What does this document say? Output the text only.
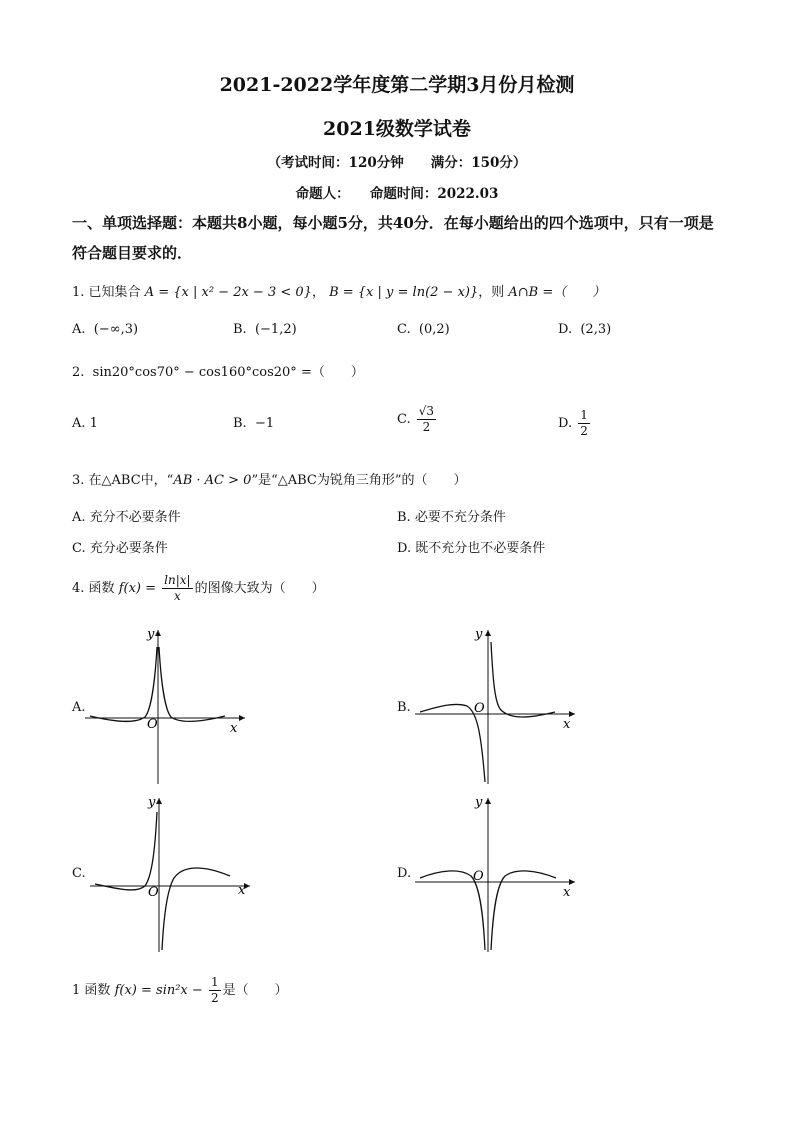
2021-2022学年度第二学期3月份月检测
2021级数学试卷
（考试时间：120分钟　　满分：150分）
命题人：　　命题时间：2022.03
一、单项选择题：本题共8小题，每小题5分，共40分．在每小题给出的四个选项中，只有一项是符合题目要求的．
1. 已知集合 A = {x | x² − 2x − 3 < 0}， B = {x | y = ln(2 − x)}，则 A∩B =（　　）
A. (−∞,3)	B. (−1,2)	C. (0,2)	D. (2,3)
2. sin20°cos70° − cos160°cos20° =（　　）
A. 1	B. −1	C. $\frac{√3}{2}$	D. $\frac{1}{2}$
3. 在△ABC中，“AB · AC > 0”是“△ABC为锐角三角形”的（　　）
A. 充分不必要条件	B. 必要不充分条件
C. 充分必要条件	D. 既不充分也不必要条件
4. 函数 $f(x) = \frac{\ln|x|}{x}$ 的图像大致为（　　）
A.
x
y
O
B.
x
y
O
C.
x
y
O
D.
x
y
O
1 函数 $f(x) = \sin^2x - \frac{1}{2}$ 是（　　）
